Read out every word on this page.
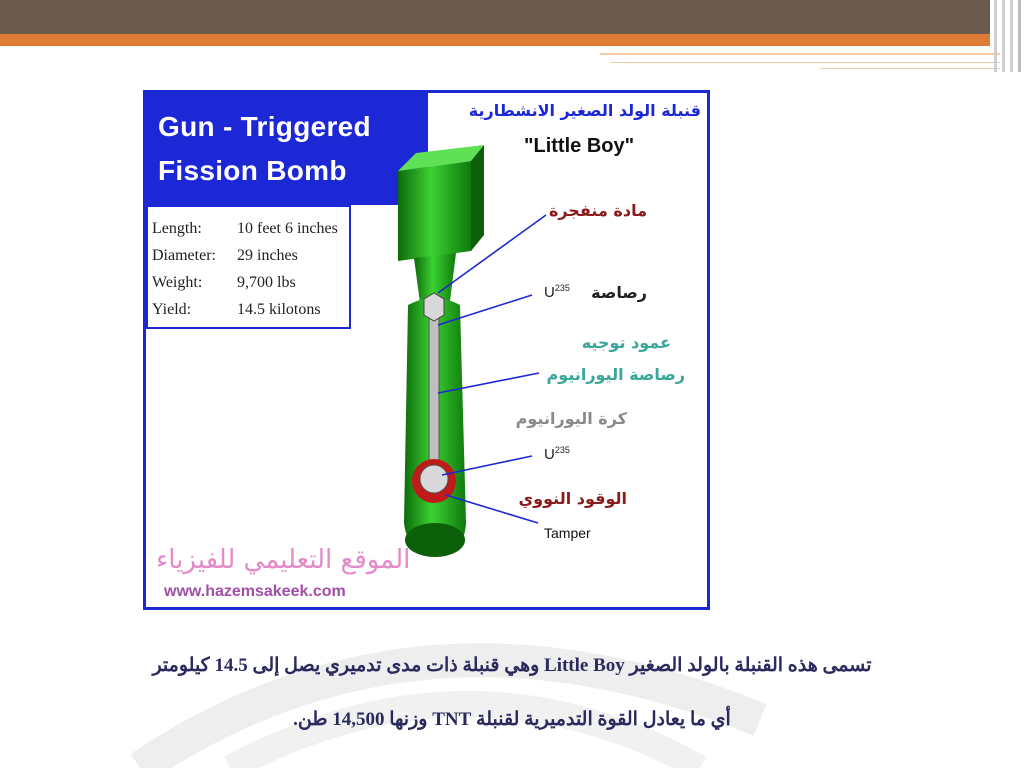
Gun - Triggered
Fission Bomb
Length:	10 feet 6 inches
Diameter:	29 inches
Weight:	9,700 lbs
Yield:	14.5 kilotons
قنبلة الولد الصغير الانشطارية
"Little Boy"
مادة منفجرة
رصاصة
$U^{235}$
عمود توجيه
رصاصة اليورانيوم
كرة اليورانيوم
$U^{235}$
الوقود النووي
Tamper
الموقع التعليمي للفيزياء
www.hazemsakeek.com
تسمى هذه القنبلة بالولد الصغير Little Boy وهي قنبلة ذات مدى تدميري يصل إلى 14.5 كيلومتر
أي ما يعادل القوة التدميرية لقنبلة TNT وزنها 14,500 طن.
